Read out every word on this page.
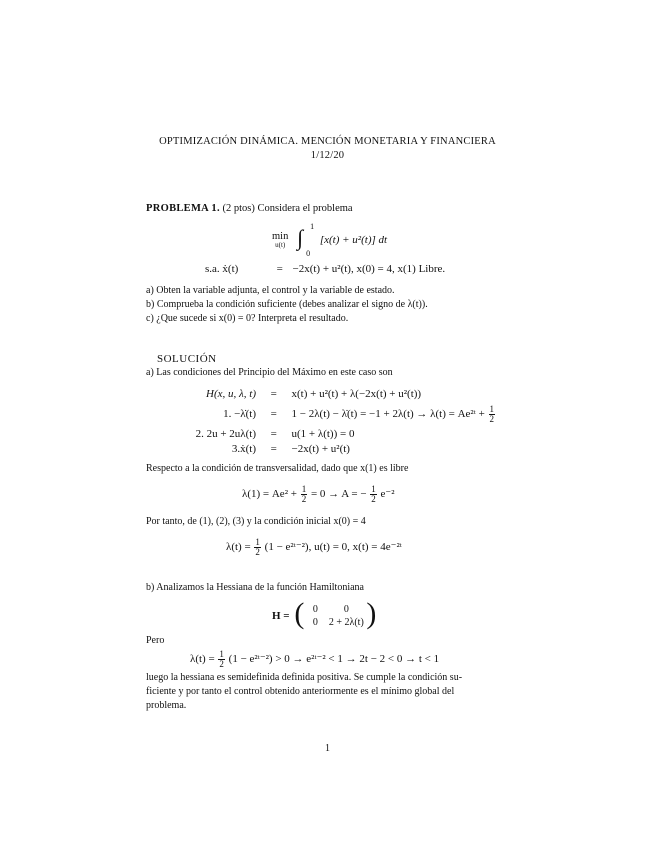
OPTIMIZACIÓN DINÁMICA. MENCIÓN MONETARIA Y FINANCIERA
1/12/20
PROBLEMA 1. (2 ptos) Considera el problema
min
u(t)
∫ 1
0
[x(t) + u²(t)] dt
s.a. ẋ(t)	= −2x(t) + u²(t), x(0) = 4, x(1) Libre.
a) Obten la variable adjunta, el control y la variable de estado.
b) Comprueba la condición suficiente (debes analizar el signo de λ(t)).
c) ¿Que sucede si x(0) = 0? Interpreta el resultado.
SOLUCIÓN
a) Las condiciones del Principio del Máximo en este caso son
H(x, u, λ, t) = x(t) + u²(t) + λ(−2x(t) + u²(t))
1. −λ̇(t) = 1 − 2λ(t) − λ̇(t) = −1 + 2λ(t) → λ(t) = Ae²ᵗ + $\frac{1}{2}$
2. 2u + 2uλ(t) = u(1 + λ(t)) = 0
3.ẋ(t) = −2x(t) + u²(t)
Respecto a la condición de transversalidad, dado que x(1) es libre
$\lambda(1) = Ae^2 + \frac{1}{2} = 0 \to A$ = − $\frac{1}{2} e^{-2}$
Por tanto, de (1), (2), (3) y la condición inicial x(0) = 4
$\lambda(t) = \frac{1}{2} (1$ − e²ᵗ⁻²), u(t) = 0, x(t) = 4e⁻²ᵗ
b) Analizamos la Hessiana de la función Hamiltoniana
H = ( 0	0
0 2 + 2λ(t) )
Pero
$\lambda(t) = \frac{1}{2} (1$ − e²ᵗ⁻²) > 0 → e²ᵗ⁻² < 1 → 2t − 2 < 0 → t < 1
luego la hessiana es semidefinida definida positiva. Se cumple la condición su-
ficiente y por tanto el control obtenido anteriormente es el mínimo global del
problema.
1
